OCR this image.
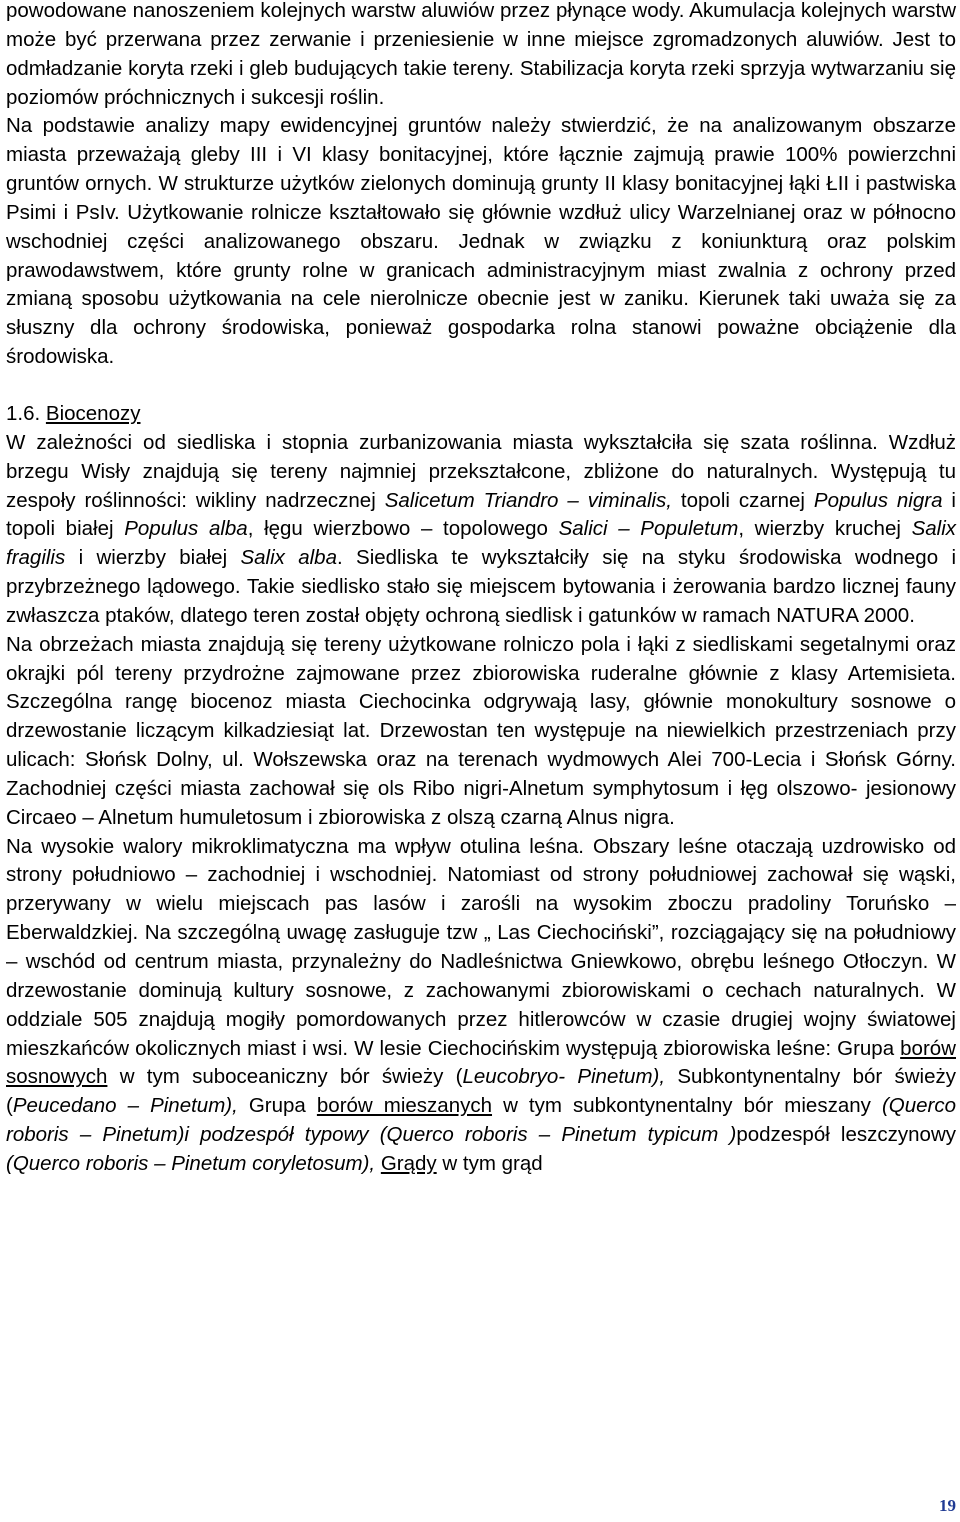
powodowane nanoszeniem kolejnych warstw aluwiów przez płynące wody. Akumulacja kolejnych warstw może być przerwana przez zerwanie i przeniesienie w inne miejsce zgromadzonych aluwiów. Jest to odmładzanie koryta rzeki i gleb budujących takie tereny. Stabilizacja koryta rzeki sprzyja wytwarzaniu się poziomów próchnicznych i sukcesji roślin.

Na podstawie analizy mapy ewidencyjnej gruntów należy stwierdzić, że na analizowanym obszarze miasta przeważają gleby III i VI klasy bonitacyjnej, które łącznie zajmują prawie 100% powierzchni gruntów ornych. W strukturze użytków zielonych dominują grunty II klasy bonitacyjnej łąki ŁII i pastwiska Psimi i PsIv. Użytkowanie rolnicze kształtowało się głównie wzdłuż ulicy Warzelnianej oraz w północno wschodniej części analizowanego obszaru. Jednak w związku z koniunkturą oraz polskim prawodawstwem, które grunty rolne w granicach administracyjnym miast zwalnia z ochrony przed zmianą sposobu użytkowania na cele nierolnicze obecnie jest w zaniku. Kierunek taki uważa się za słuszny dla ochrony środowiska, ponieważ gospodarka rolna stanowi poważne obciążenie dla środowiska.

1.6. Biocenozy

W zależności od siedliska i stopnia zurbanizowania miasta wykształciła się szata roślinna. Wzdłuż brzegu Wisły znajdują się tereny najmniej przekształcone, zbliżone do naturalnych. Występują tu zespoły roślinności: wikliny nadrzecznej Salicetum Triandro – viminalis, topoli czarnej Populus nigra i topoli białej Populus alba, łęgu wierzbowo – topolowego Salici – Populetum, wierzby kruchej Salix fragilis i wierzby białej Salix alba. Siedliska te wykształciły się na styku środowiska wodnego i przybrzeżnego lądowego. Takie siedlisko stało się miejscem bytowania i żerowania bardzo licznej fauny zwłaszcza ptaków, dlatego teren został objęty ochroną siedlisk i gatunków w ramach NATURA 2000.

Na obrzeżach miasta znajdują się tereny użytkowane rolniczo pola i łąki z siedliskami segetalnymi oraz okrajki pól tereny przydrożne zajmowane przez zbiorowiska ruderalne głównie z klasy Artemisieta. Szczególna rangę biocenoz miasta Ciechocinka odgrywają lasy, głównie monokultury sosnowe o drzewostanie liczącym kilkadziesiąt lat. Drzewostan ten występuje na niewielkich przestrzeniach przy ulicach: Słońsk Dolny, ul. Wołszewska oraz na terenach wydmowych Alei 700-Lecia i Słońsk Górny. Zachodniej części miasta zachował się ols Ribo nigri-Alnetum symphytosum i łęg olszowo- jesionowy Circaeo – Alnetum humuletosum i zbiorowiska z olszą czarną Alnus nigra.

Na wysokie walory mikroklimatyczna ma wpływ otulina leśna. Obszary leśne otaczają uzdrowisko od strony południowo – zachodniej i wschodniej. Natomiast od strony południowej zachował się wąski, przerywany w wielu miejscach pas lasów i zarośli na wysokim zboczu pradoliny Toruńsko – Eberwaldzkiej. Na szczególną uwagę zasługuje tzw „ Las Ciechociński”, rozciągający się na południowy – wschód od centrum miasta, przynależny do Nadleśnictwa Gniewkowo, obrębu leśnego Otłoczyn. W drzewostanie dominują kultury sosnowe, z zachowanymi zbiorowiskami o cechach naturalnych. W oddziale 505 znajdują mogiły pomordowanych przez hitlerowców w czasie drugiej wojny światowej mieszkańców okolicznych miast i wsi. W lesie Ciechocińskim występują zbiorowiska leśne: Grupa borów sosnowych w tym suboceaniczny bór świeży (Leucobryo- Pinetum), Subkontynentalny bór świeży (Peucedano – Pinetum), Grupa borów mieszanych w tym subkontynentalny bór mieszany (Querco roboris – Pinetum)i podzespół typowy (Querco roboris – Pinetum typicum )podzespół leszczynowy (Querco roboris – Pinetum coryletosum), Grądy w tym grąd

19
